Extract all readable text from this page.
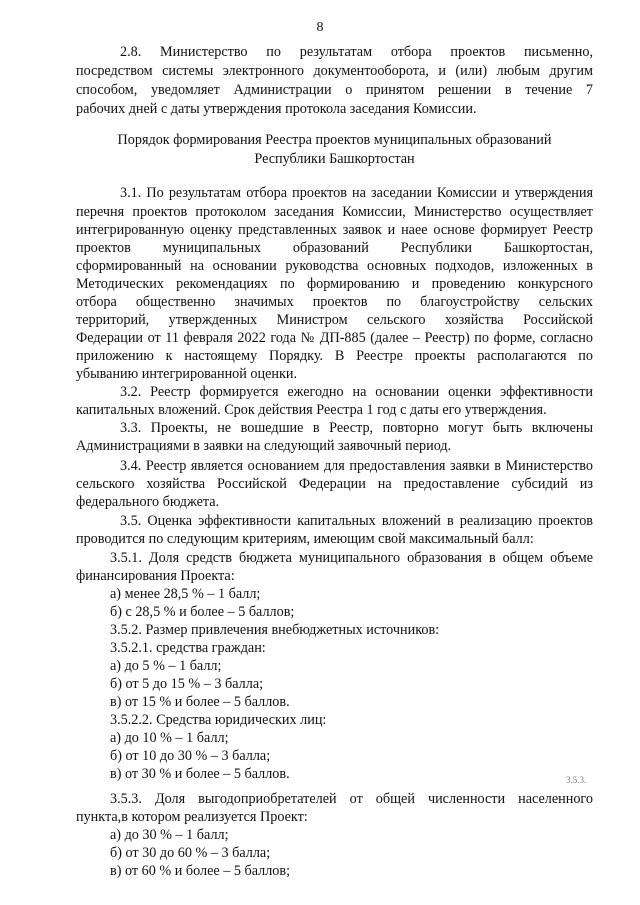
8
2.8. Министерство по результатам отбора проектов письменно,
посредством системы электронного документооборота, и (или) любым другим
способом, уведомляет Администрации о принятом решении в течение 7
рабочих дней с даты утверждения протокола заседания Комиссии.
Порядок формирования Реестра проектов муниципальных образований
Республики Башкортостан
3.1. По результатам отбора проектов на заседании Комиссии и утверждения
перечня проектов протоколом заседания Комиссии, Министерство осуществляет
интегрированную оценку представленных заявок и наее основе формирует Реестр
проектов муниципальных образований Республики Башкортостан,
сформированный на основании руководства основных подходов, изложенных в
Методических рекомендациях по формированию и проведению конкурсного
отбора общественно значимых проектов по благоустройству сельских
территорий, утвержденных Министром сельского хозяйства Российской
Федерации от 11 февраля 2022 года № ДП-885 (далее – Реестр) по форме, согласно
приложению к настоящему Порядку. В Реестре проекты располагаются по
убыванию интегрированной оценки.
3.2. Реестр формируется ежегодно на основании оценки эффективности
капитальных вложений. Срок действия Реестра 1 год с даты его утверждения.
3.3. Проекты, не вошедшие в Реестр, повторно могут быть включены
Администрациями в заявки на следующий заявочный период.
3.4. Реестр является основанием для предоставления заявки в Министерство
сельского хозяйства Российской Федерации на предоставление субсидий из
федерального бюджета.
3.5. Оценка эффективности капитальных вложений в реализацию проектов
проводится по следующим критериям, имеющим свой максимальный балл:
3.5.1. Доля средств бюджета муниципального образования в общем объеме
финансирования Проекта:
а) менее 28,5 % – 1 балл;
б) с 28,5 % и более – 5 баллов;
3.5.2. Размер привлечения внебюджетных источников:
3.5.2.1. средства граждан:
а) до 5 % – 1 балл;
б) от 5 до 15 % – 3 балла;
в) от 15 % и более – 5 баллов.
3.5.2.2. Средства юридических лиц:
а) до 10 % – 1 балл;
б) от 10 до 30 % – 3 балла;
в) от 30 % и более – 5 баллов.	3.5.3.
3.5.3. Доля выгодоприобретателей от общей численности населенного
пункта,в котором реализуется Проект:
а) до 30 % – 1 балл;
б) от 30 до 60 % – 3 балла;
в) от 60 % и более – 5 баллов;
